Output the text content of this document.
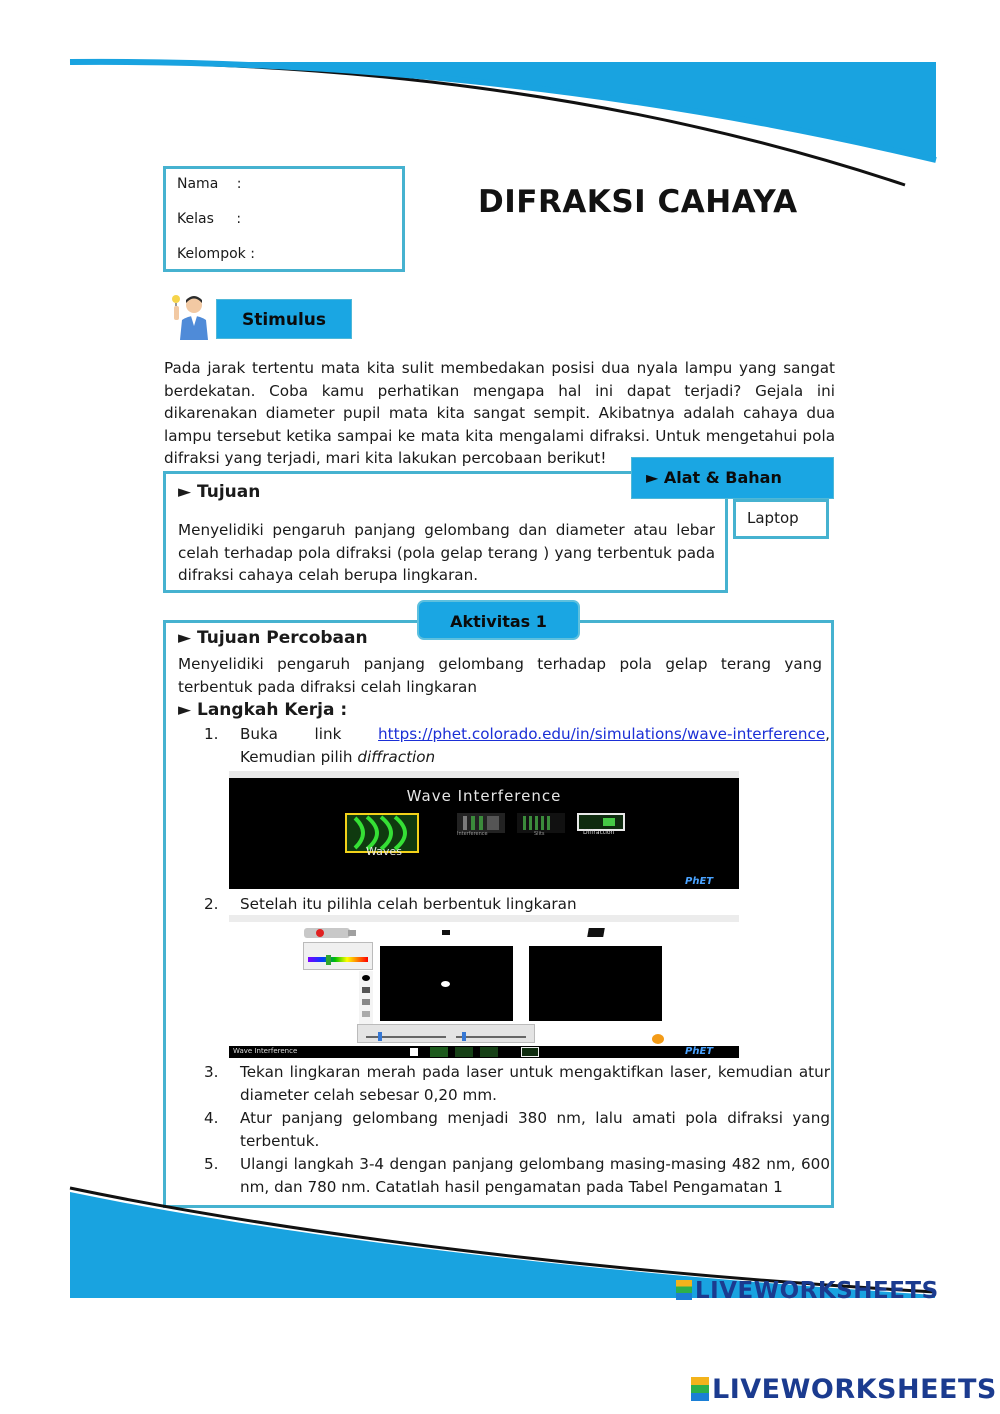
Nama :
Kelas :
Kelompok :
DIFRAKSI CAHAYA
Stimulus
Pada jarak tertentu mata kita sulit membedakan posisi dua nyala lampu yang sangat berdekatan. Coba kamu perhatikan mengapa hal ini dapat terjadi? Gejala ini dikarenakan diameter pupil mata kita sangat sempit. Akibatnya adalah cahaya dua lampu tersebut ketika sampai ke mata kita mengalami difraksi. Untuk mengetahui pola difraksi yang terjadi, mari kita lakukan percobaan berikut!
► Tujuan
Menyelidiki pengaruh panjang gelombang dan diameter atau lebar celah terhadap pola difraksi (pola gelap terang ) yang terbentuk pada difraksi cahaya celah berupa lingkaran.
► Alat & Bahan
Laptop
► Tujuan Percobaan
Menyelidiki pengaruh panjang gelombang terhadap pola gelap terang yang terbentuk pada difraksi celah lingkaran
► Langkah Kerja :
1.	Buka link https://phet.colorado.edu/in/simulations/wave-interference, Kemudian pilih diffraction
2.	Setelah itu pilihla celah berbentuk lingkaran
3.	Tekan lingkaran merah pada laser untuk mengaktifkan laser, kemudian atur diameter celah sebesar 0,20 mm.
4.	Atur panjang gelombang menjadi 380 nm, lalu amati pola difraksi yang terbentuk.
5.	Ulangi langkah 3-4 dengan panjang gelombang masing-masing 482 nm, 600 nm, dan 780 nm. Catatlah hasil pengamatan pada Tabel Pengamatan 1
Aktivitas 1
Wave Interference
Waves
Interference	Slits	Diffraction
PhET
Wave Interference	PhET
LIVEWORKSHEETS
LIVEWORKSHEETS
